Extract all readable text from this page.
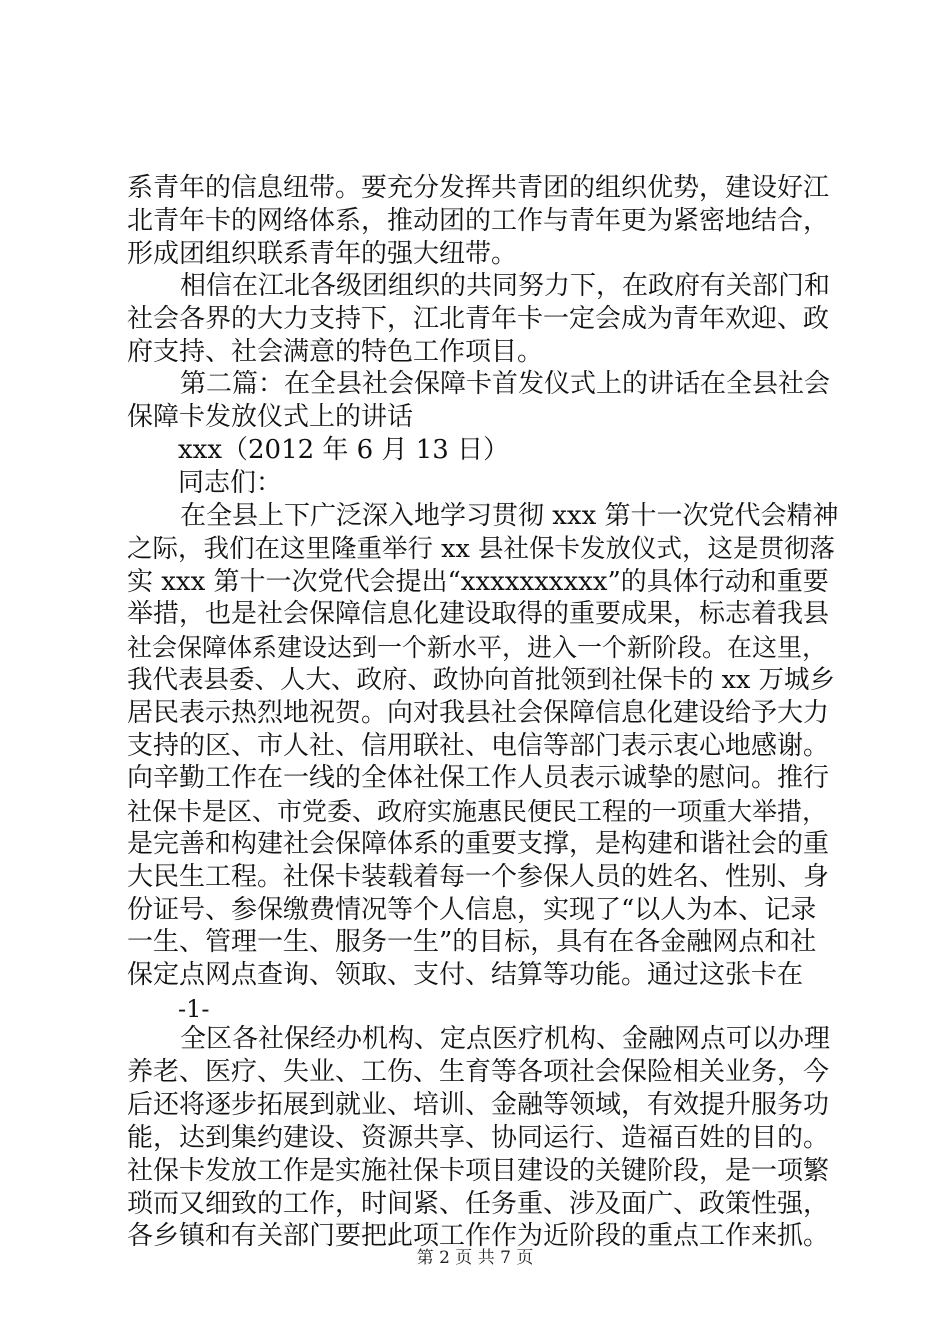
系青年的信息纽带。要充分发挥共青团的组织优势，建设好江
北青年卡的网络体系，推动团的工作与青年更为紧密地结合，
形成团组织联系青年的强大纽带。
相信在江北各级团组织的共同努力下，在政府有关部门和
社会各界的大力支持下，江北青年卡一定会成为青年欢迎、政
府支持、社会满意的特色工作项目。
第二篇：在全县社会保障卡首发仪式上的讲话在全县社会
保障卡发放仪式上的讲话
xxx（2012 年 6 月 13 日）
同志们：
在全县上下广泛深入地学习贯彻 xxx 第十一次党代会精神
之际，我们在这里隆重举行 xx 县社保卡发放仪式，这是贯彻落
实 xxx 第十一次党代会提出“xxxxxxxxxx”的具体行动和重要
举措，也是社会保障信息化建设取得的重要成果，标志着我县
社会保障体系建设达到一个新水平，进入一个新阶段。在这里，
我代表县委、人大、政府、政协向首批领到社保卡的 xx 万城乡
居民表示热烈地祝贺。向对我县社会保障信息化建设给予大力
支持的区、市人社、信用联社、电信等部门表示衷心地感谢。
向辛勤工作在一线的全体社保工作人员表示诚挚的慰问。推行
社保卡是区、市党委、政府实施惠民便民工程的一项重大举措，
是完善和构建社会保障体系的重要支撑，是构建和谐社会的重
大民生工程。社保卡装载着每一个参保人员的姓名、性别、身
份证号、参保缴费情况等个人信息，实现了“以人为本、记录
一生、管理一生、服务一生”的目标，具有在各金融网点和社
保定点网点查询、领取、支付、结算等功能。通过这张卡在
-1-
全区各社保经办机构、定点医疗机构、金融网点可以办理
养老、医疗、失业、工伤、生育等各项社会保险相关业务，今
后还将逐步拓展到就业、培训、金融等领域，有效提升服务功
能，达到集约建设、资源共享、协同运行、造福百姓的目的。
社保卡发放工作是实施社保卡项目建设的关键阶段，是一项繁
琐而又细致的工作，时间紧、任务重、涉及面广、政策性强，
各乡镇和有关部门要把此项工作作为近阶段的重点工作来抓。
第 2 页 共 7 页
